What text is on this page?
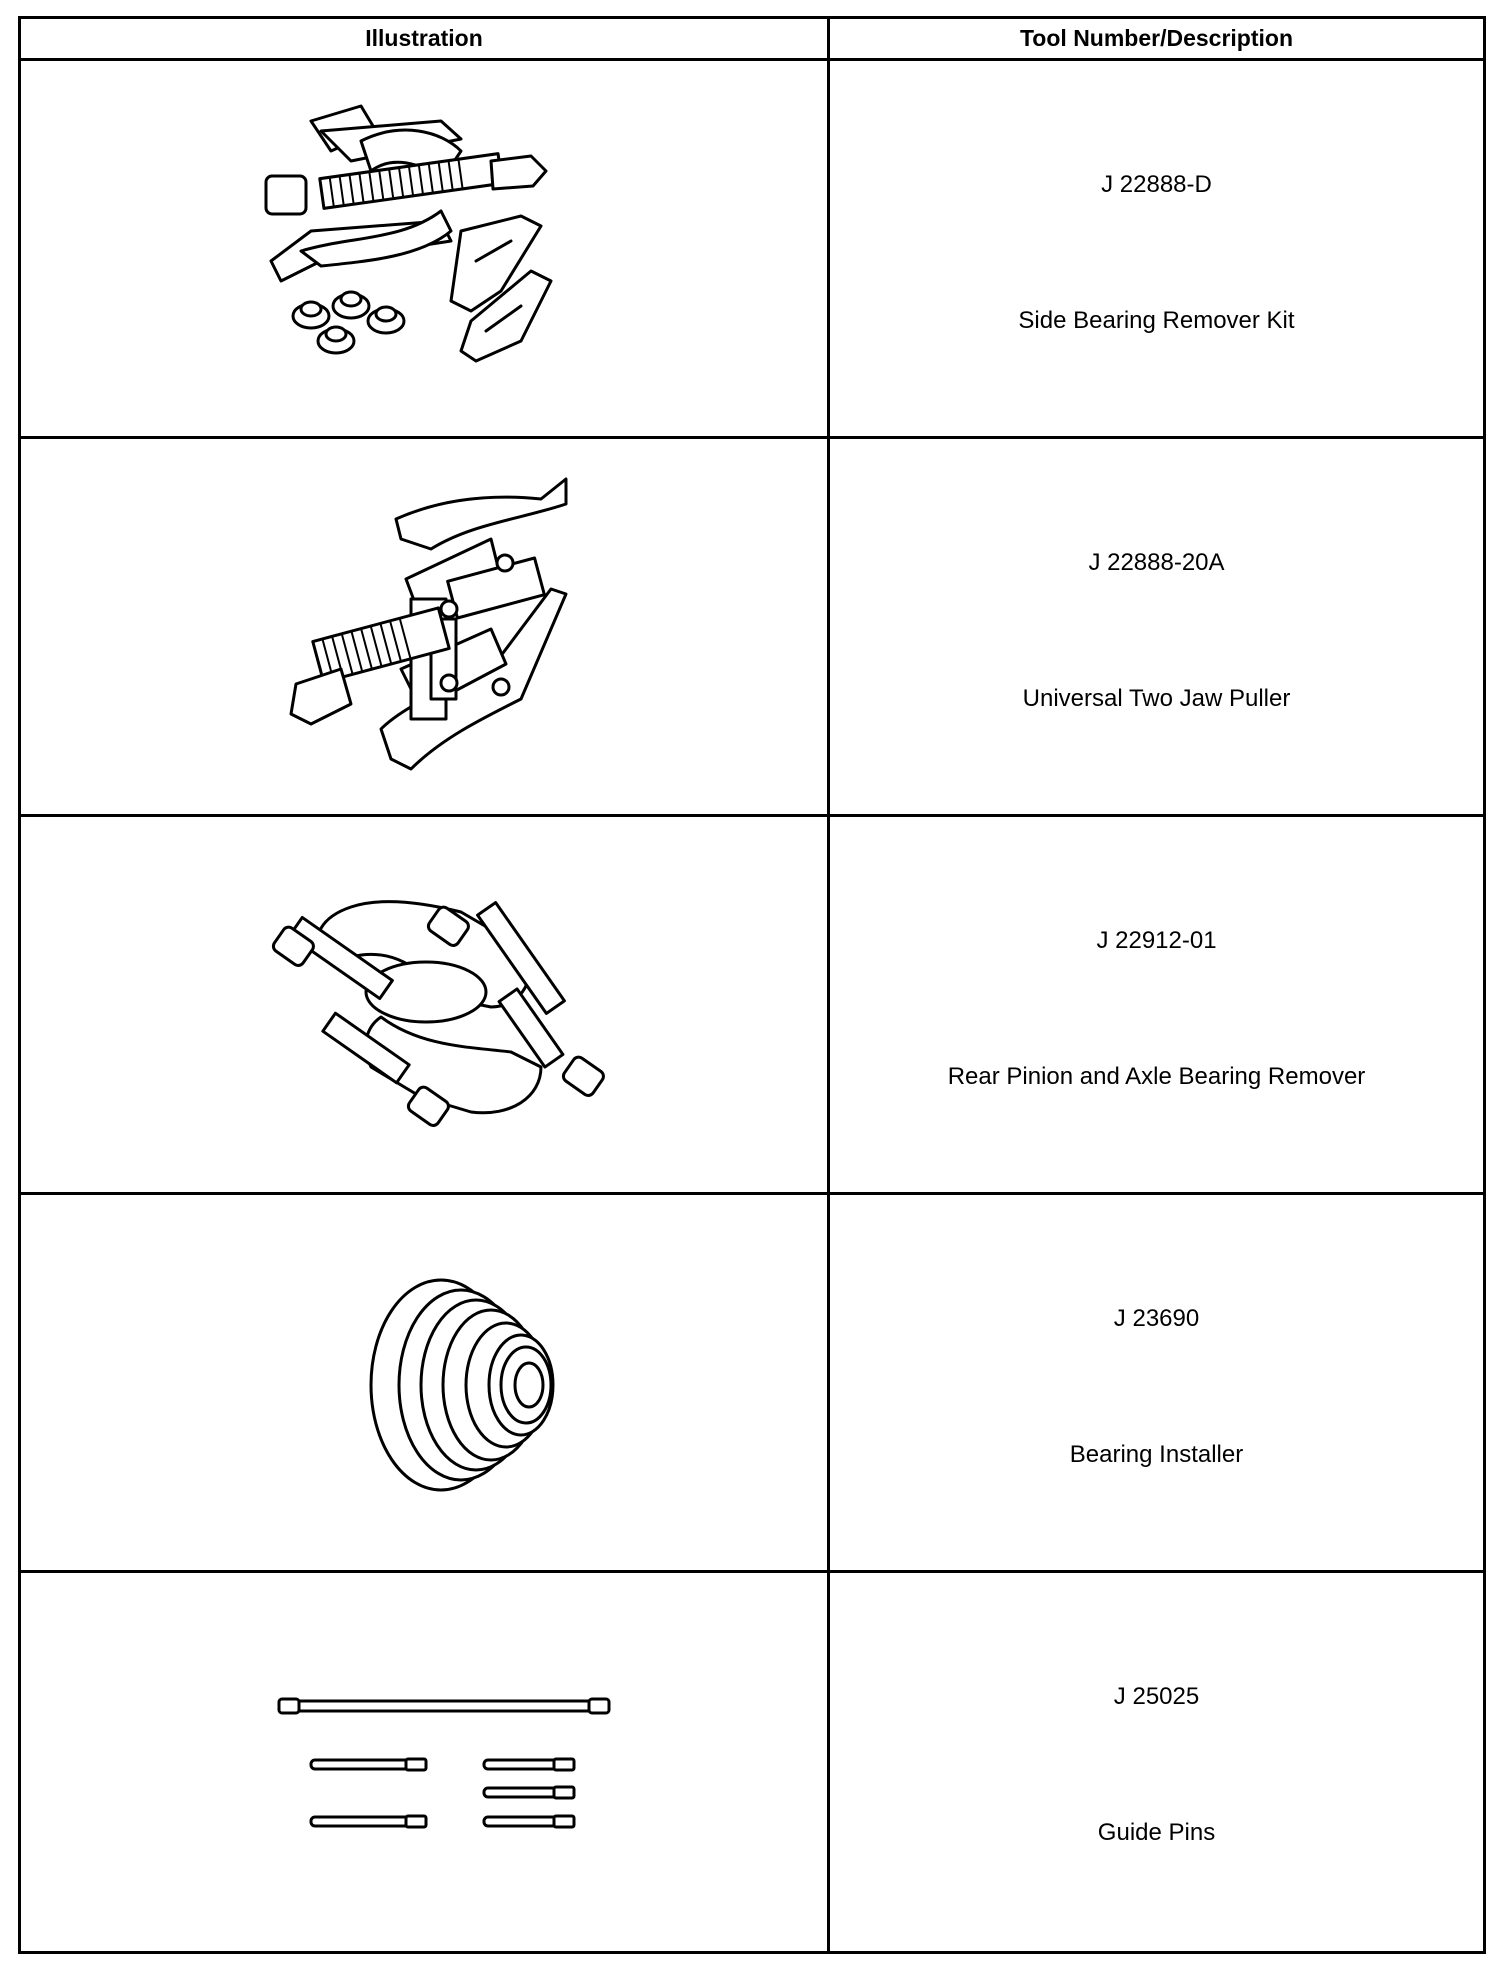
Illustration	Tool Number/Description
J 22888-D
Side Bearing Remover Kit
J 22888-20A
Universal Two Jaw Puller
J 22912-01
Rear Pinion and Axle Bearing Remover
J 23690
Bearing Installer
J 25025
Guide Pins
